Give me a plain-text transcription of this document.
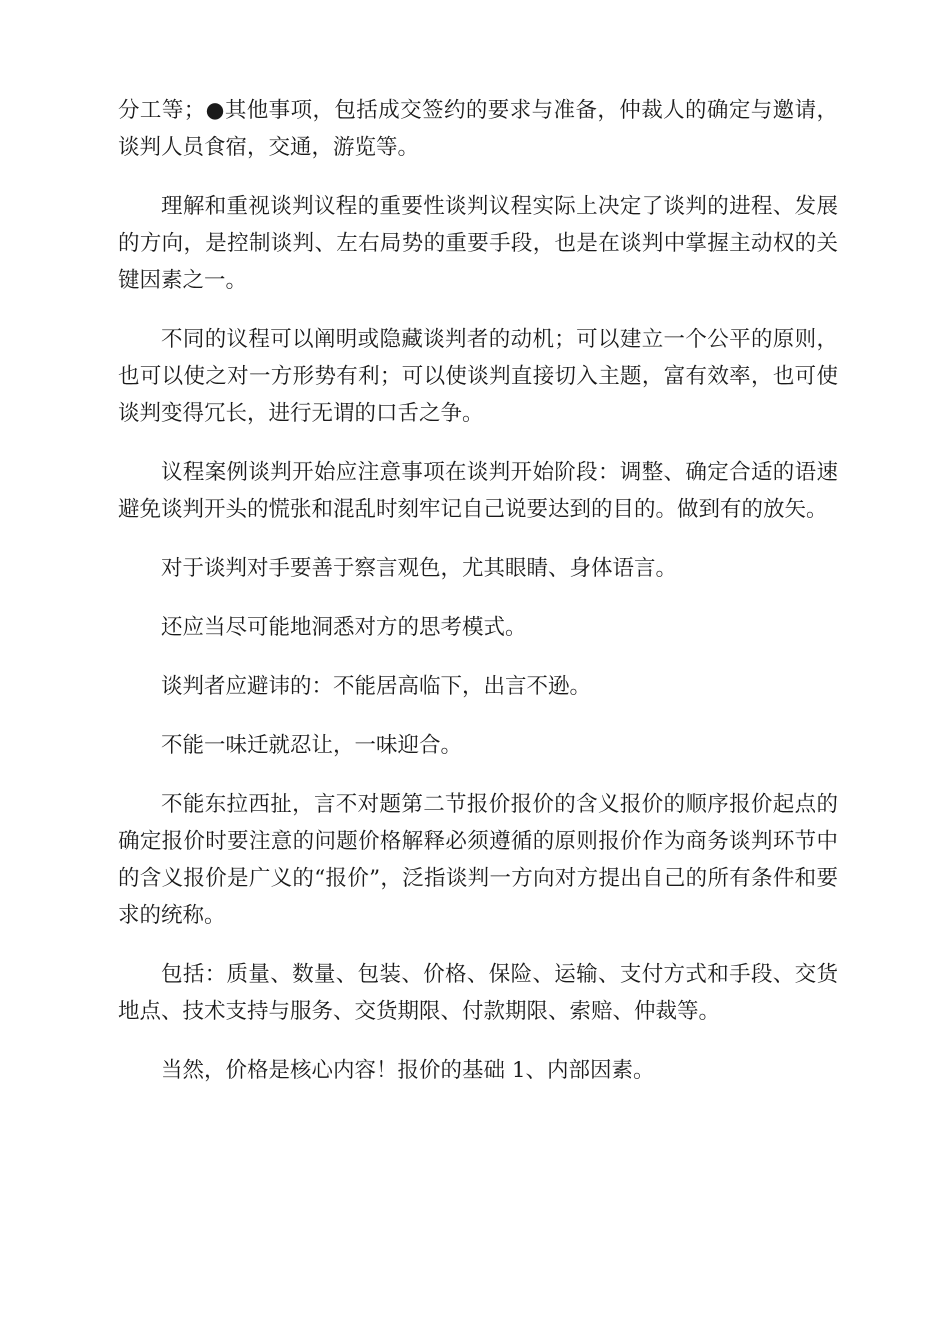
分工等；●其他事项，包括成交签约的要求与准备，仲裁人的确定与邀请，谈判人员食宿，交通，游览等。

理解和重视谈判议程的重要性谈判议程实际上决定了谈判的进程、发展的方向，是控制谈判、左右局势的重要手段，也是在谈判中掌握主动权的关键因素之一。

不同的议程可以阐明或隐藏谈判者的动机；可以建立一个公平的原则，也可以使之对一方形势有利；可以使谈判直接切入主题，富有效率，也可使谈判变得冗长，进行无谓的口舌之争。

议程案例谈判开始应注意事项在谈判开始阶段：调整、确定合适的语速避免谈判开头的慌张和混乱时刻牢记自己说要达到的目的。做到有的放矢。

对于谈判对手要善于察言观色，尤其眼睛、身体语言。

还应当尽可能地洞悉对方的思考模式。

谈判者应避讳的：不能居高临下，出言不逊。

不能一味迁就忍让，一味迎合。

不能东拉西扯，言不对题第二节报价报价的含义报价的顺序报价起点的确定报价时要注意的问题价格解释必须遵循的原则报价作为商务谈判环节中的含义报价是广义的“报价”，泛指谈判一方向对方提出自己的所有条件和要求的统称。

包括：质量、数量、包装、价格、保险、运输、支付方式和手段、交货地点、技术支持与服务、交货期限、付款期限、索赔、仲裁等。

当然，价格是核心内容！报价的基础 1、内部因素。
